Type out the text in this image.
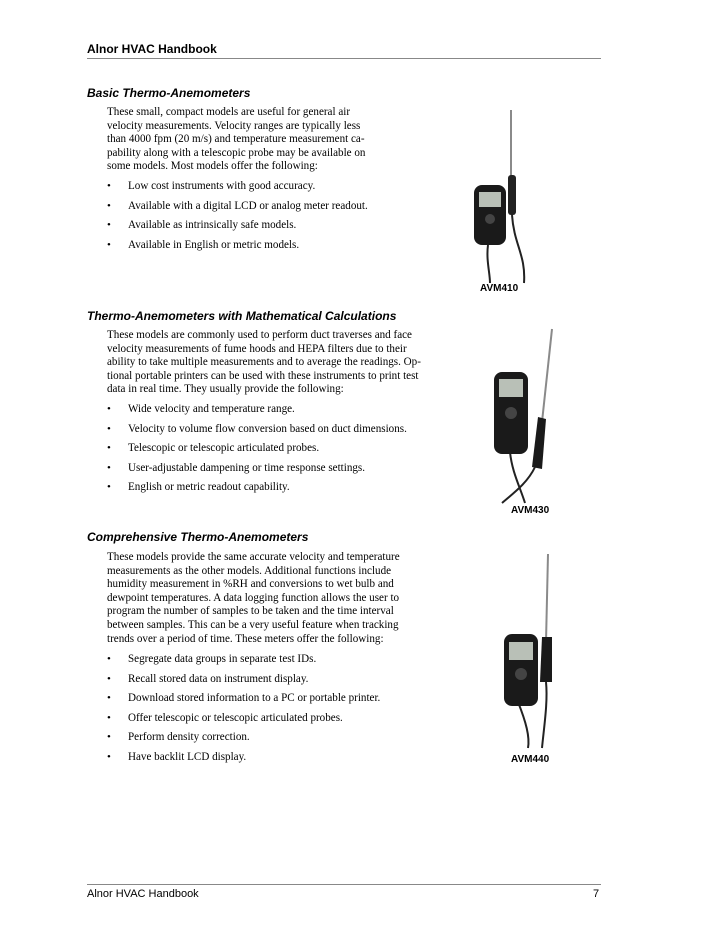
Alnor HVAC Handbook
Basic Thermo-Anemometers
These small, compact models are useful for general air
velocity measurements. Velocity ranges are typically less
than 4000 fpm (20 m/s) and temperature measurement ca-
pability along with a telescopic probe may be available on
some models. Most models offer the following:
• Low cost instruments with good accuracy.
• Available with a digital LCD or analog meter readout.
• Available as intrinsically safe models.
• Available in English or metric models.
AVM410
Thermo-Anemometers with Mathematical Calculations
These models are commonly used to perform duct traverses and face
velocity measurements of fume hoods and HEPA filters due to their
ability to take multiple measurements and to average the readings. Op-
tional portable printers can be used with these instruments to print test
data in real time. They usually provide the following:
• Wide velocity and temperature range.
• Velocity to volume flow conversion based on duct dimensions.
• Telescopic or telescopic articulated probes.
• User-adjustable dampening or time response settings.
• English or metric readout capability.
AVM430
Comprehensive Thermo-Anemometers
These models provide the same accurate velocity and temperature
measurements as the other models. Additional functions include
humidity measurement in %RH and conversions to wet bulb and
dewpoint temperatures. A data logging function allows the user to
program the number of samples to be taken and the time interval
between samples. This can be a very useful feature when tracking
trends over a period of time. These meters offer the following:
• Segregate data groups in separate test IDs.
• Recall stored data on instrument display.
• Download stored information to a PC or portable printer.
• Offer telescopic or telescopic articulated probes.
• Perform density correction.
• Have backlit LCD display.	AVM440
Alnor HVAC Handbook	7
